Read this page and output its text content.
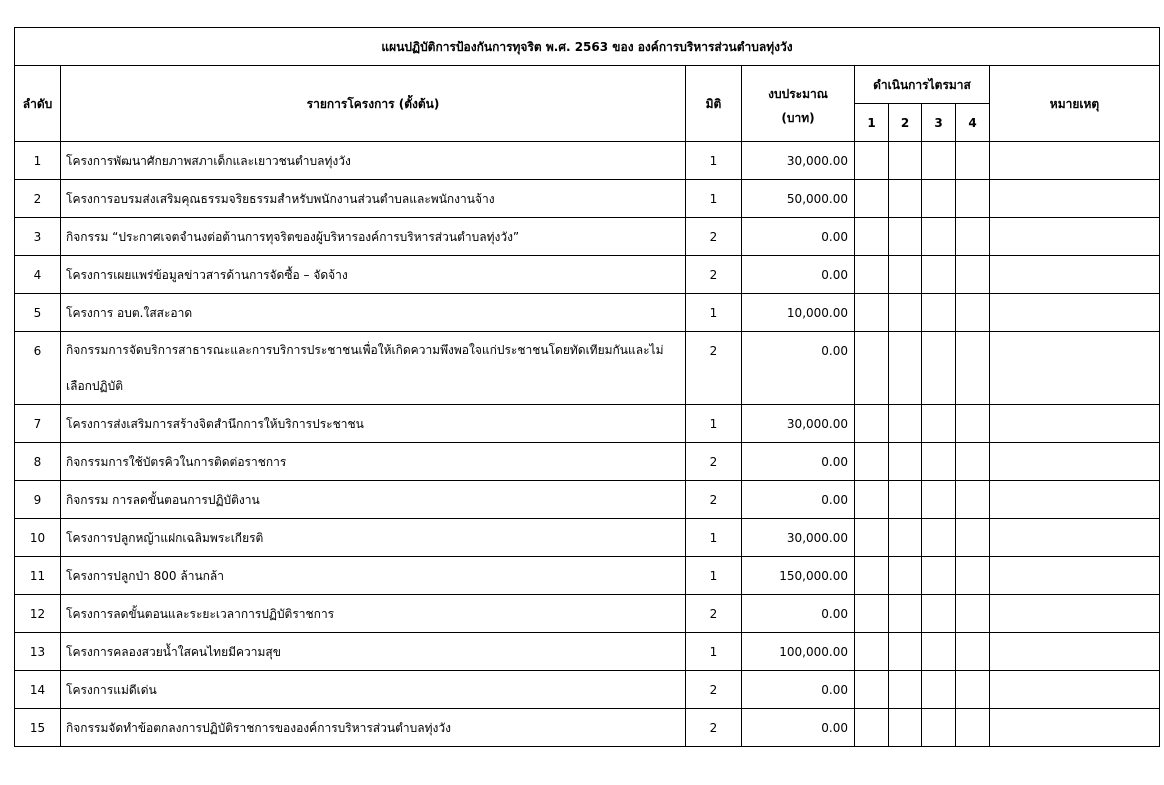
แผนปฏิบัติการป้องกันการทุจริต พ.ศ. 2563 ของ องค์การบริหารส่วนตำบลทุ่งวัง								
ลำดับ	รายการโครงการ (ตั้งต้น)	มิติ	งบประมาณ	ดำเนินการไตรมาส				หมายเหตุ
			(บาท)	1	2	3	4	
1	โครงการพัฒนาศักยภาพสภาเด็กและเยาวชนตำบลทุ่งวัง	1	30,000.00					
2	โครงการอบรมส่งเสริมคุณธรรมจริยธรรมสำหรับพนักงานส่วนตำบลและพนักงานจ้าง	1	50,000.00					
3	กิจกรรม “ประกาศเจตจำนงต่อต้านการทุจริตของผู้บริหารองค์การบริหารส่วนตำบลทุ่งวัง”	2	0.00					
4	โครงการเผยแพร่ข้อมูลข่าวสารด้านการจัดซื้อ – จัดจ้าง	2	0.00					
5	โครงการ อบต.ใสสะอาด	1	10,000.00					
6	กิจกรรมการจัดบริการสาธารณะและการบริการประชาชนเพื่อให้เกิดความพึงพอใจแก่ประชาชนโดยทัดเทียมกันและไม่เลือกปฏิบัติ	2	0.00					
7	โครงการส่งเสริมการสร้างจิตสำนึกการให้บริการประชาชน	1	30,000.00					
8	กิจกรรมการใช้บัตรคิวในการติดต่อราชการ	2	0.00					
9	กิจกรรม การลดขั้นตอนการปฏิบัติงาน	2	0.00					
10	โครงการปลูกหญ้าแฝกเฉลิมพระเกียรติ	1	30,000.00					
11	โครงการปลูกป่า 800 ล้านกล้า	1	150,000.00					
12	โครงการลดขั้นตอนและระยะเวลาการปฏิบัติราชการ	2	0.00					
13	โครงการคลองสวยน้ำใสคนไทยมีความสุข	1	100,000.00					
14	โครงการแม่ดีเด่น	2	0.00					
15	กิจกรรมจัดทำข้อตกลงการปฏิบัติราชการขององค์การบริหารส่วนตำบลทุ่งวัง	2	0.00					
